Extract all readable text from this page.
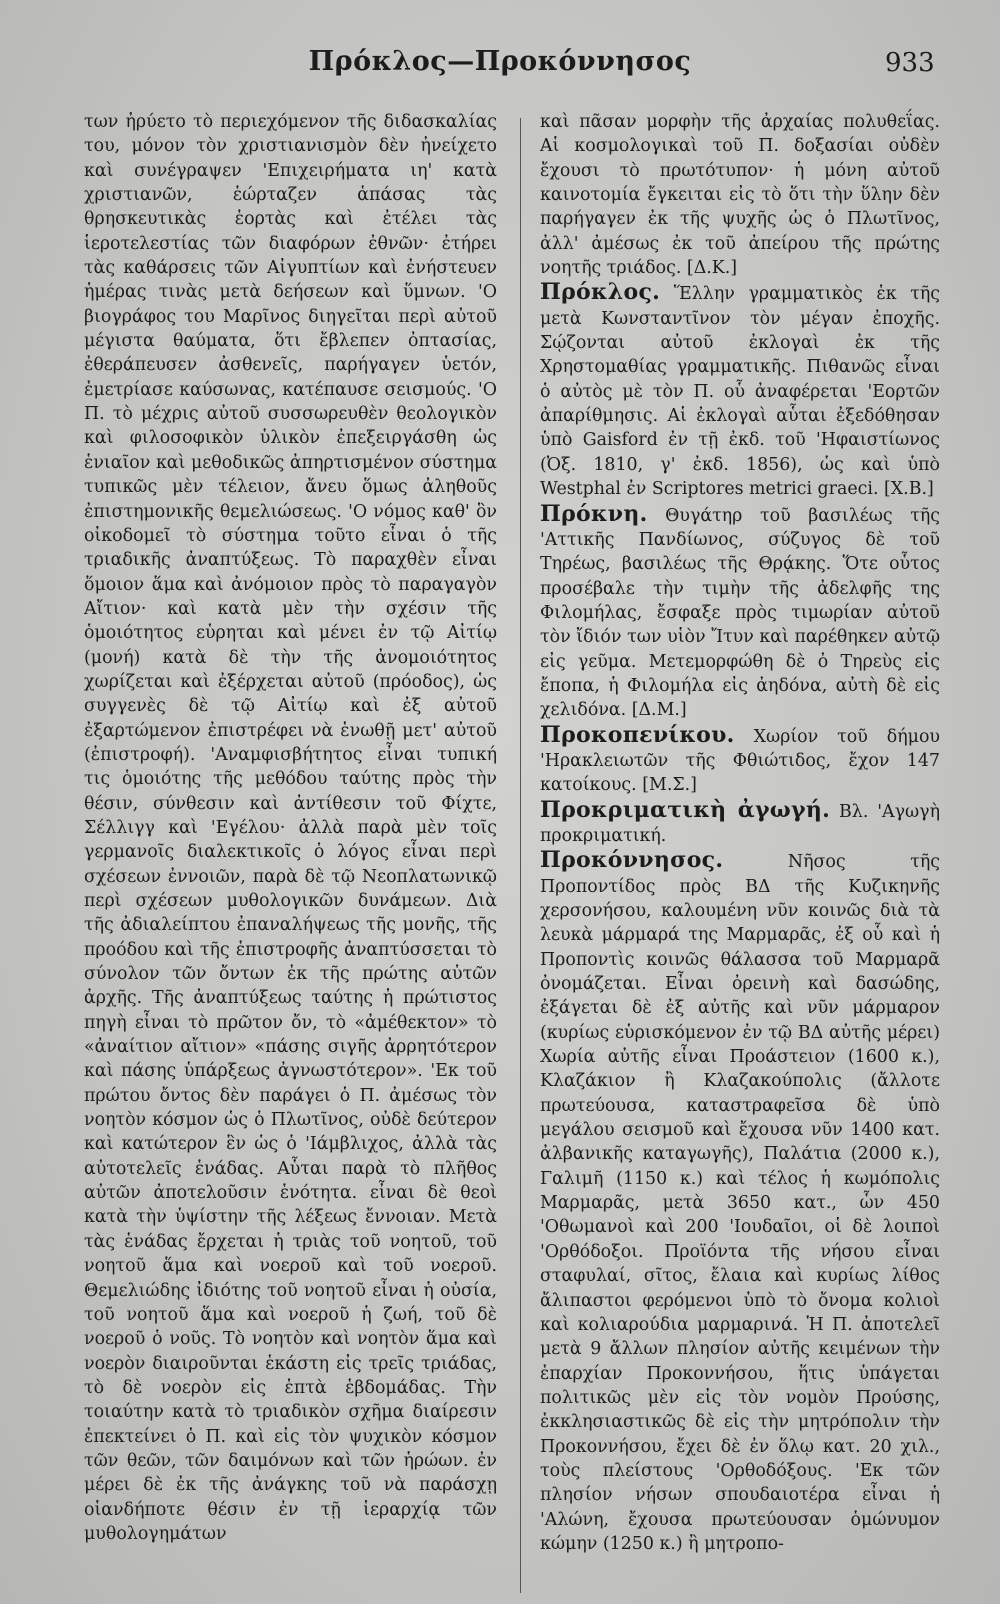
Πρόκλος—Προκόννησος	933

των ἠρύετο τὸ περιεχόμενον τῆς διδασκαλίας του, μόνον τὸν χριστιανισμὸν δὲν ἠνείχετο καὶ συνέγραψεν 'Επιχειρήματα ιη' κατὰ χριστιανῶν, ἑώρταζεν ἁπάσας τὰς θρησκευτικὰς ἑορτὰς καὶ ἐτέλει τὰς ἱεροτελεστίας τῶν διαφόρων ἐθνῶν· ἐτήρει τὰς καθάρσεις τῶν Αἰγυπτίων καὶ ἐνήστευεν ἡμέρας τινὰς μετὰ δεήσεων καὶ ὕμνων. 'Ο βιογράφος του Μαρῖνος διηγεῖται περὶ αὐτοῦ μέγιστα θαύματα, ὅτι ἔβλεπεν ὀπτασίας, ἐθεράπευσεν ἀσθενεῖς, παρήγαγεν ὑετόν, ἐμετρίασε καύσωνας, κατέπαυσε σεισμούς. 'Ο Π. τὸ μέχρις αὐτοῦ συσσωρευθὲν θεολογικὸν καὶ φιλοσοφικὸν ὑλικὸν ἐπεξειργάσθη ὡς ἑνιαῖον καὶ μεθοδικῶς ἀπηρτισμένον σύστημα τυπικῶς μὲν τέλειον, ἄνευ ὅμως ἀληθοῦς ἐπιστημονικῆς θεμελιώσεως. 'Ο νόμος καθ' ὃν οἰκοδομεῖ τὸ σύστημα τοῦτο εἶναι ὁ τῆς τριαδικῆς ἀναπτύξεως. Τὸ παραχθὲν εἶναι ὅμοιον ἅμα καὶ ἀνόμοιον πρὸς τὸ παραγαγὸν Αἴτιον· καὶ κατὰ μὲν τὴν σχέσιν τῆς ὁμοιότητος εὑρηται καὶ μένει ἐν τῷ Αἰτίῳ (μονή) κατὰ δὲ τὴν τῆς ἀνομοιότητος χωρίζεται καὶ ἐξέρχεται αὐτοῦ (πρόοδος), ὡς συγγενὲς δὲ τῷ Αἰτίῳ καὶ ἐξ αὐτοῦ ἐξαρτώμενον ἐπιστρέφει νὰ ἑνωθῇ μετ' αὐτοῦ (ἐπιστροφή). 'Αναμφισβήτητος εἶναι τυπική τις ὁμοιότης τῆς μεθόδου ταύτης πρὸς τὴν θέσιν, σύνθεσιν καὶ ἀντίθεσιν τοῦ Φίχτε, Σέλλιγγ καὶ 'Εγέλου· ἀλλὰ παρὰ μὲν τοῖς γερμανοῖς διαλεκτικοῖς ὁ λόγος εἶναι περὶ σχέσεων ἐννοιῶν, παρὰ δὲ τῷ Νεοπλατωνικῷ περὶ σχέσεων μυθολογικῶν δυνάμεων. Διὰ τῆς ἀδιαλείπτου ἐπαναλήψεως τῆς μονῆς, τῆς προόδου καὶ τῆς ἐπιστροφῆς ἀναπτύσσεται τὸ σύνολον τῶν ὄντων ἐκ τῆς πρώτης αὐτῶν ἀρχῆς. Τῆς ἀναπτύξεως ταύτης ἡ πρώτιστος πηγὴ εἶναι τὸ πρῶτον ὄν, τὸ «ἀμέθεκτον» τὸ «ἀναίτιον αἴτιον» «πάσης σιγῆς ἀρρητότερον καὶ πάσης ὑπάρξεως ἀγνωστότερον». 'Εκ τοῦ πρώτου ὄντος δὲν παράγει ὁ Π. ἀμέσως τὸν νοητὸν κόσμον ὡς ὁ Πλωτῖνος, οὐδὲ δεύτερον καὶ κατώτερον ἓν ὡς ὁ 'Ιάμβλιχος, ἀλλὰ τὰς αὐτοτελεῖς ἑνάδας. Αὗται παρὰ τὸ πλῆθος αὐτῶν ἀποτελοῦσιν ἑνότητα. εἶναι δὲ θεοὶ κατὰ τὴν ὑψίστην τῆς λέξεως ἔννοιαν. Μετὰ τὰς ἑνάδας ἔρχεται ἡ τριὰς τοῦ νοητοῦ, τοῦ νοητοῦ ἅμα καὶ νοεροῦ καὶ τοῦ νοεροῦ. Θεμελιώδης ἰδιότης τοῦ νοητοῦ εἶναι ἡ οὐσία, τοῦ νοητοῦ ἅμα καὶ νοεροῦ ἡ ζωή, τοῦ δὲ νοεροῦ ὁ νοῦς. Τὸ νοητὸν καὶ νοητὸν ἅμα καὶ νοερὸν διαιροῦνται ἑκάστη εἰς τρεῖς τριάδας, τὸ δὲ νοερὸν εἰς ἑπτὰ ἑβδομάδας. Τὴν τοιαύτην κατὰ τὸ τριαδικὸν σχῆμα διαίρεσιν ἐπεκτείνει ὁ Π. καὶ εἰς τὸν ψυχικὸν κόσμον τῶν θεῶν, τῶν δαιμόνων καὶ τῶν ἡρώων. ἐν μέρει δὲ ἐκ τῆς ἀνάγκης τοῦ νὰ παράσχῃ οἱανδήποτε θέσιν ἐν τῇ ἱεραρχίᾳ τῶν μυθολογημάτων

καὶ πᾶσαν μορφὴν τῆς ἀρχαίας πολυθεΐας. Αἱ κοσμολογικαὶ τοῦ Π. δοξασίαι οὐδὲν ἔχουσι τὸ πρωτότυπον· ἡ μόνη αὐτοῦ καινοτομία ἔγκειται εἰς τὸ ὅτι τὴν ὕλην δὲν παρήγαγεν ἐκ τῆς ψυχῆς ὡς ὁ Πλωτῖνος, ἀλλ' ἀμέσως ἐκ τοῦ ἀπείρου τῆς πρώτης νοητῆς τριάδος. [Δ.Κ.]

Πρόκλος. Ἕλλην γραμματικὸς ἐκ τῆς μετὰ Κωνσταντῖνον τὸν μέγαν ἐποχῆς. Σῴζονται αὐτοῦ ἐκλογαὶ ἐκ τῆς Χρηστομαθίας γραμματικῆς. Πιθανῶς εἶναι ὁ αὐτὸς μὲ τὸν Π. οὗ ἀναφέρεται 'Εορτῶν ἀπαρίθμησις. Αἱ ἐκλογαὶ αὗται ἐξεδόθησαν ὑπὸ Gaisford ἐν τῇ ἐκδ. τοῦ 'Ηφαιστίωνος (Ὀξ. 1810, γ' ἐκδ. 1856), ὡς καὶ ὑπὸ Westphal ἐν Scriptores metrici graeci. [Χ.Β.]

Πρόκνη. Θυγάτηρ τοῦ βασιλέως τῆς 'Αττικῆς Πανδίωνος, σύζυγος δὲ τοῦ Τηρέως, βασιλέως τῆς Θρᾴκης. Ὅτε οὗτος προσέβαλε τὴν τιμὴν τῆς ἀδελφῆς της Φιλομήλας, ἔσφαξε πρὸς τιμωρίαν αὐτοῦ τὸν ἴδιόν των υἱὸν Ἴτυν καὶ παρέθηκεν αὐτῷ εἰς γεῦμα. Μετεμορφώθη δὲ ὁ Τηρεὺς εἰς ἔποπα, ἡ Φιλομήλα εἰς ἀηδόνα, αὐτὴ δὲ εἰς χελιδόνα. [Δ.Μ.]

Προκοπενίκου. Χωρίον τοῦ δήμου 'Ηρακλειωτῶν τῆς Φθιώτιδος, ἔχον 147 κατοίκους. [Μ.Σ.]

Προκριματικὴ ἀγωγή. Βλ. 'Αγωγὴ προκριματική.

Προκόννησος.	Νῆσος τῆς Προποντίδος πρὸς ΒΔ τῆς Κυζικηνῆς χερσονήσου, καλουμένη νῦν κοινῶς διὰ τὰ λευκὰ μάρμαρά της Μαρμαρᾶς, ἐξ οὗ καὶ ἡ Προποντὶς κοινῶς θάλασσα τοῦ Μαρμαρᾶ ὀνομάζεται. Εἶναι ὀρεινὴ καὶ δασώδης, ἐξάγεται δὲ ἐξ αὐτῆς καὶ νῦν μάρμαρον (κυρίως εὑρισκόμενον ἐν τῷ ΒΔ αὐτῆς μέρει) Χωρία αὐτῆς εἶναι Προάστειον (1600 κ.), Κλαζάκιον ἢ Κλαζακούπολις (ἄλλοτε πρωτεύουσα, καταστραφεῖσα δὲ ὑπὸ μεγάλου σεισμοῦ καὶ ἔχουσα νῦν 1400 κατ. ἀλβανικῆς καταγωγῆς), Παλάτια (2000 κ.), Γαλιμῆ (1150 κ.) καὶ τέλος ἡ κωμόπολις Μαρμαρᾶς, μετὰ 3650 κατ., ὧν 450 'Οθωμανοὶ καὶ 200 'Ιουδαῖοι, οἱ δὲ λοιποὶ 'Ορθόδοξοι. Προϊόντα τῆς νήσου εἶναι σταφυλαί, σῖτος, ἔλαια καὶ κυρίως λίθος ἄλιπαστοι φερόμενοι ὑπὸ τὸ ὄνομα κολιοὶ καὶ κολιαρούδια μαρμαρινά. Ἡ Π. ἀποτελεῖ μετὰ 9 ἄλλων πλησίον αὐτῆς κειμένων τὴν ἐπαρχίαν Προκοννήσου, ἥτις ὑπάγεται πολιτικῶς μὲν εἰς τὸν νομὸν Προύσης, ἐκκλησιαστικῶς δὲ εἰς τὴν μητρόπολιν τὴν Προκοννήσου, ἔχει δὲ ἐν ὅλῳ κατ. 20 χιλ., τοὺς πλείστους 'Ορθοδόξους. 'Εκ τῶν πλησίον νήσων σπουδαιοτέρα εἶναι ἡ 'Αλώνη, ἔχουσα πρωτεύουσαν ὁμώνυμον κώμην (1250 κ.) ἢ μητροπο-
